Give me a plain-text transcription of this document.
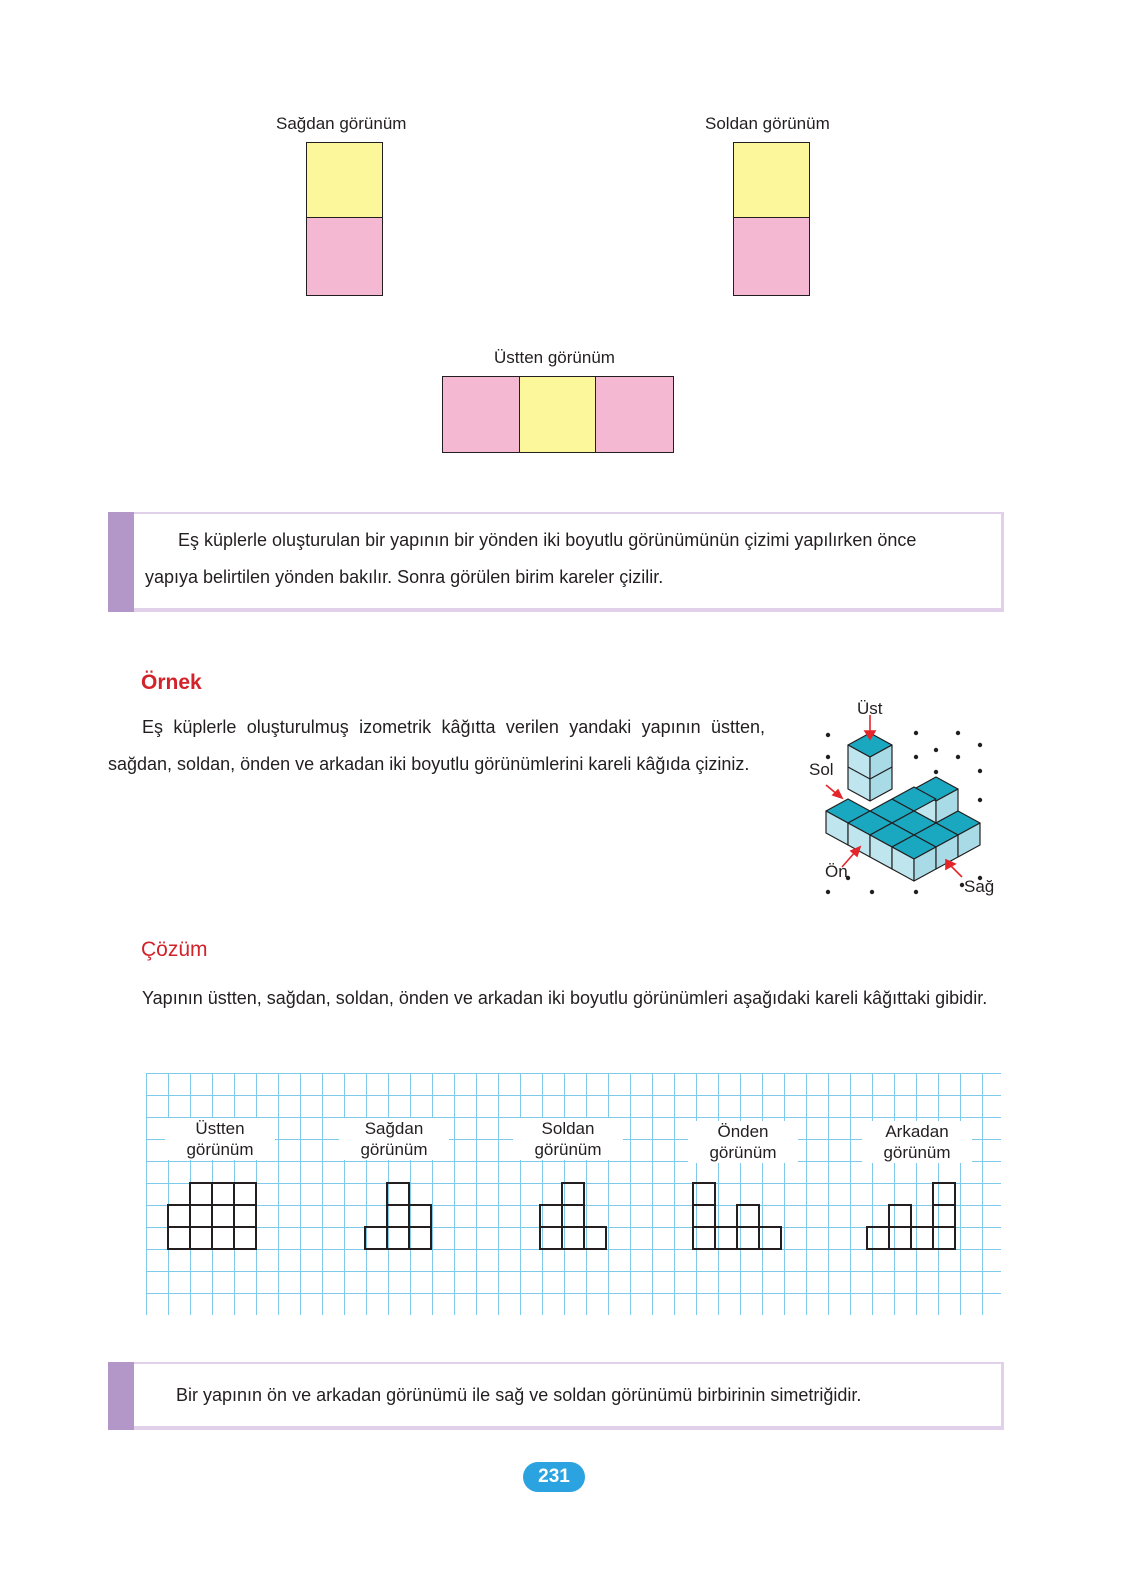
Sağdan görünüm	Soldan görünüm
Üstten görünüm
Eş küplerle oluşturulan bir yapının bir yönden iki boyutlu görünümünün çizimi yapılırken önce
yapıya belirtilen yönden bakılır. Sonra görülen birim kareler çizilir.
Örnek
Eş küplerle oluşturulmuş izometrik kâğıtta verilen yandaki yapının üstten, sağdan, soldan, önden ve arkadan iki boyutlu görünümlerini kareli kâğıda çiziniz.
Üst
Sol
Ön
Sağ
Çözüm
Yapının üstten, sağdan, soldan, önden ve arkadan iki boyutlu görünümleri aşağıdaki kareli kâğıttaki gibidir.
Üstten
görünüm
Sağdan
görünüm
Soldan
görünüm
Önden
görünüm
Arkadan
görünüm
Bir yapının ön ve arkadan görünümü ile sağ ve soldan görünümü birbirinin simetriğidir.
231
